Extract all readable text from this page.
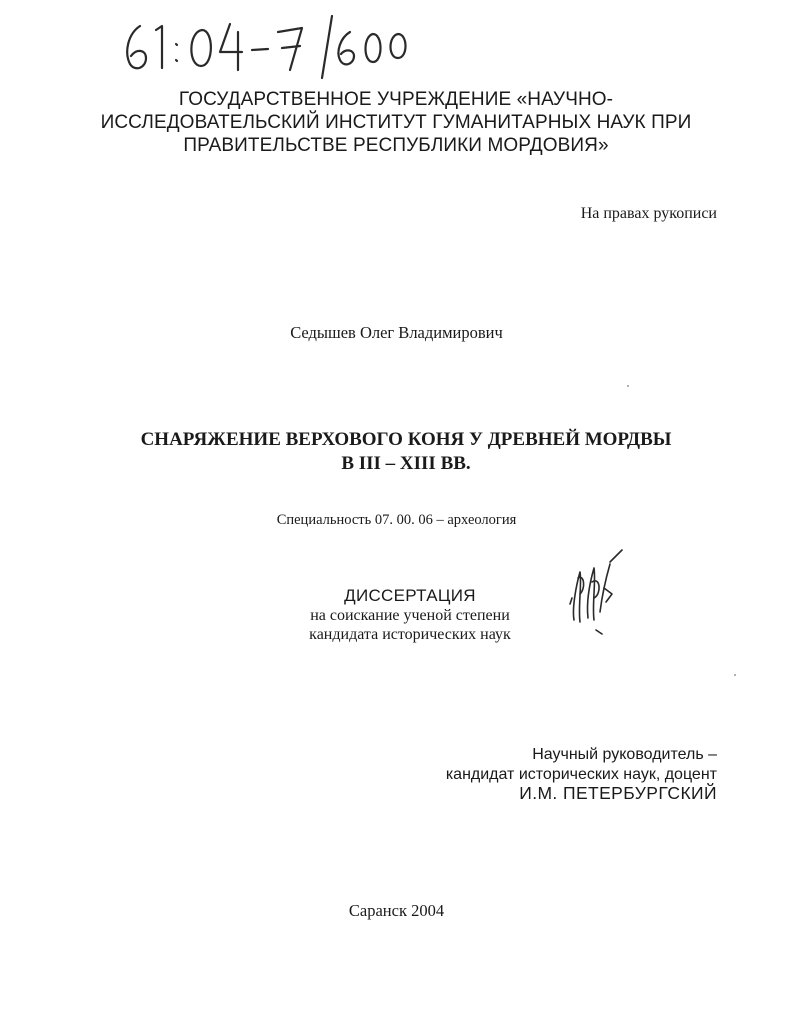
ГОСУДАРСТВЕННОЕ УЧРЕЖДЕНИЕ «НАУЧНО-
ИССЛЕДОВАТЕЛЬСКИЙ ИНСТИТУТ ГУМАНИТАРНЫХ НАУК ПРИ
ПРАВИТЕЛЬСТВЕ РЕСПУБЛИКИ МОРДОВИЯ»
На правах рукописи
Седышев Олег Владимирович
СНАРЯЖЕНИЕ ВЕРХОВОГО КОНЯ У ДРЕВНЕЙ МОРДВЫ
В III – XIII ВВ.
Специальность 07. 00. 06 – археология
ДИССЕРТАЦИЯ
на соискание ученой степени
кандидата исторических наук
Научный руководитель –
кандидат исторических наук, доцент
И.М. ПЕТЕРБУРГСКИЙ
Саранск 2004
